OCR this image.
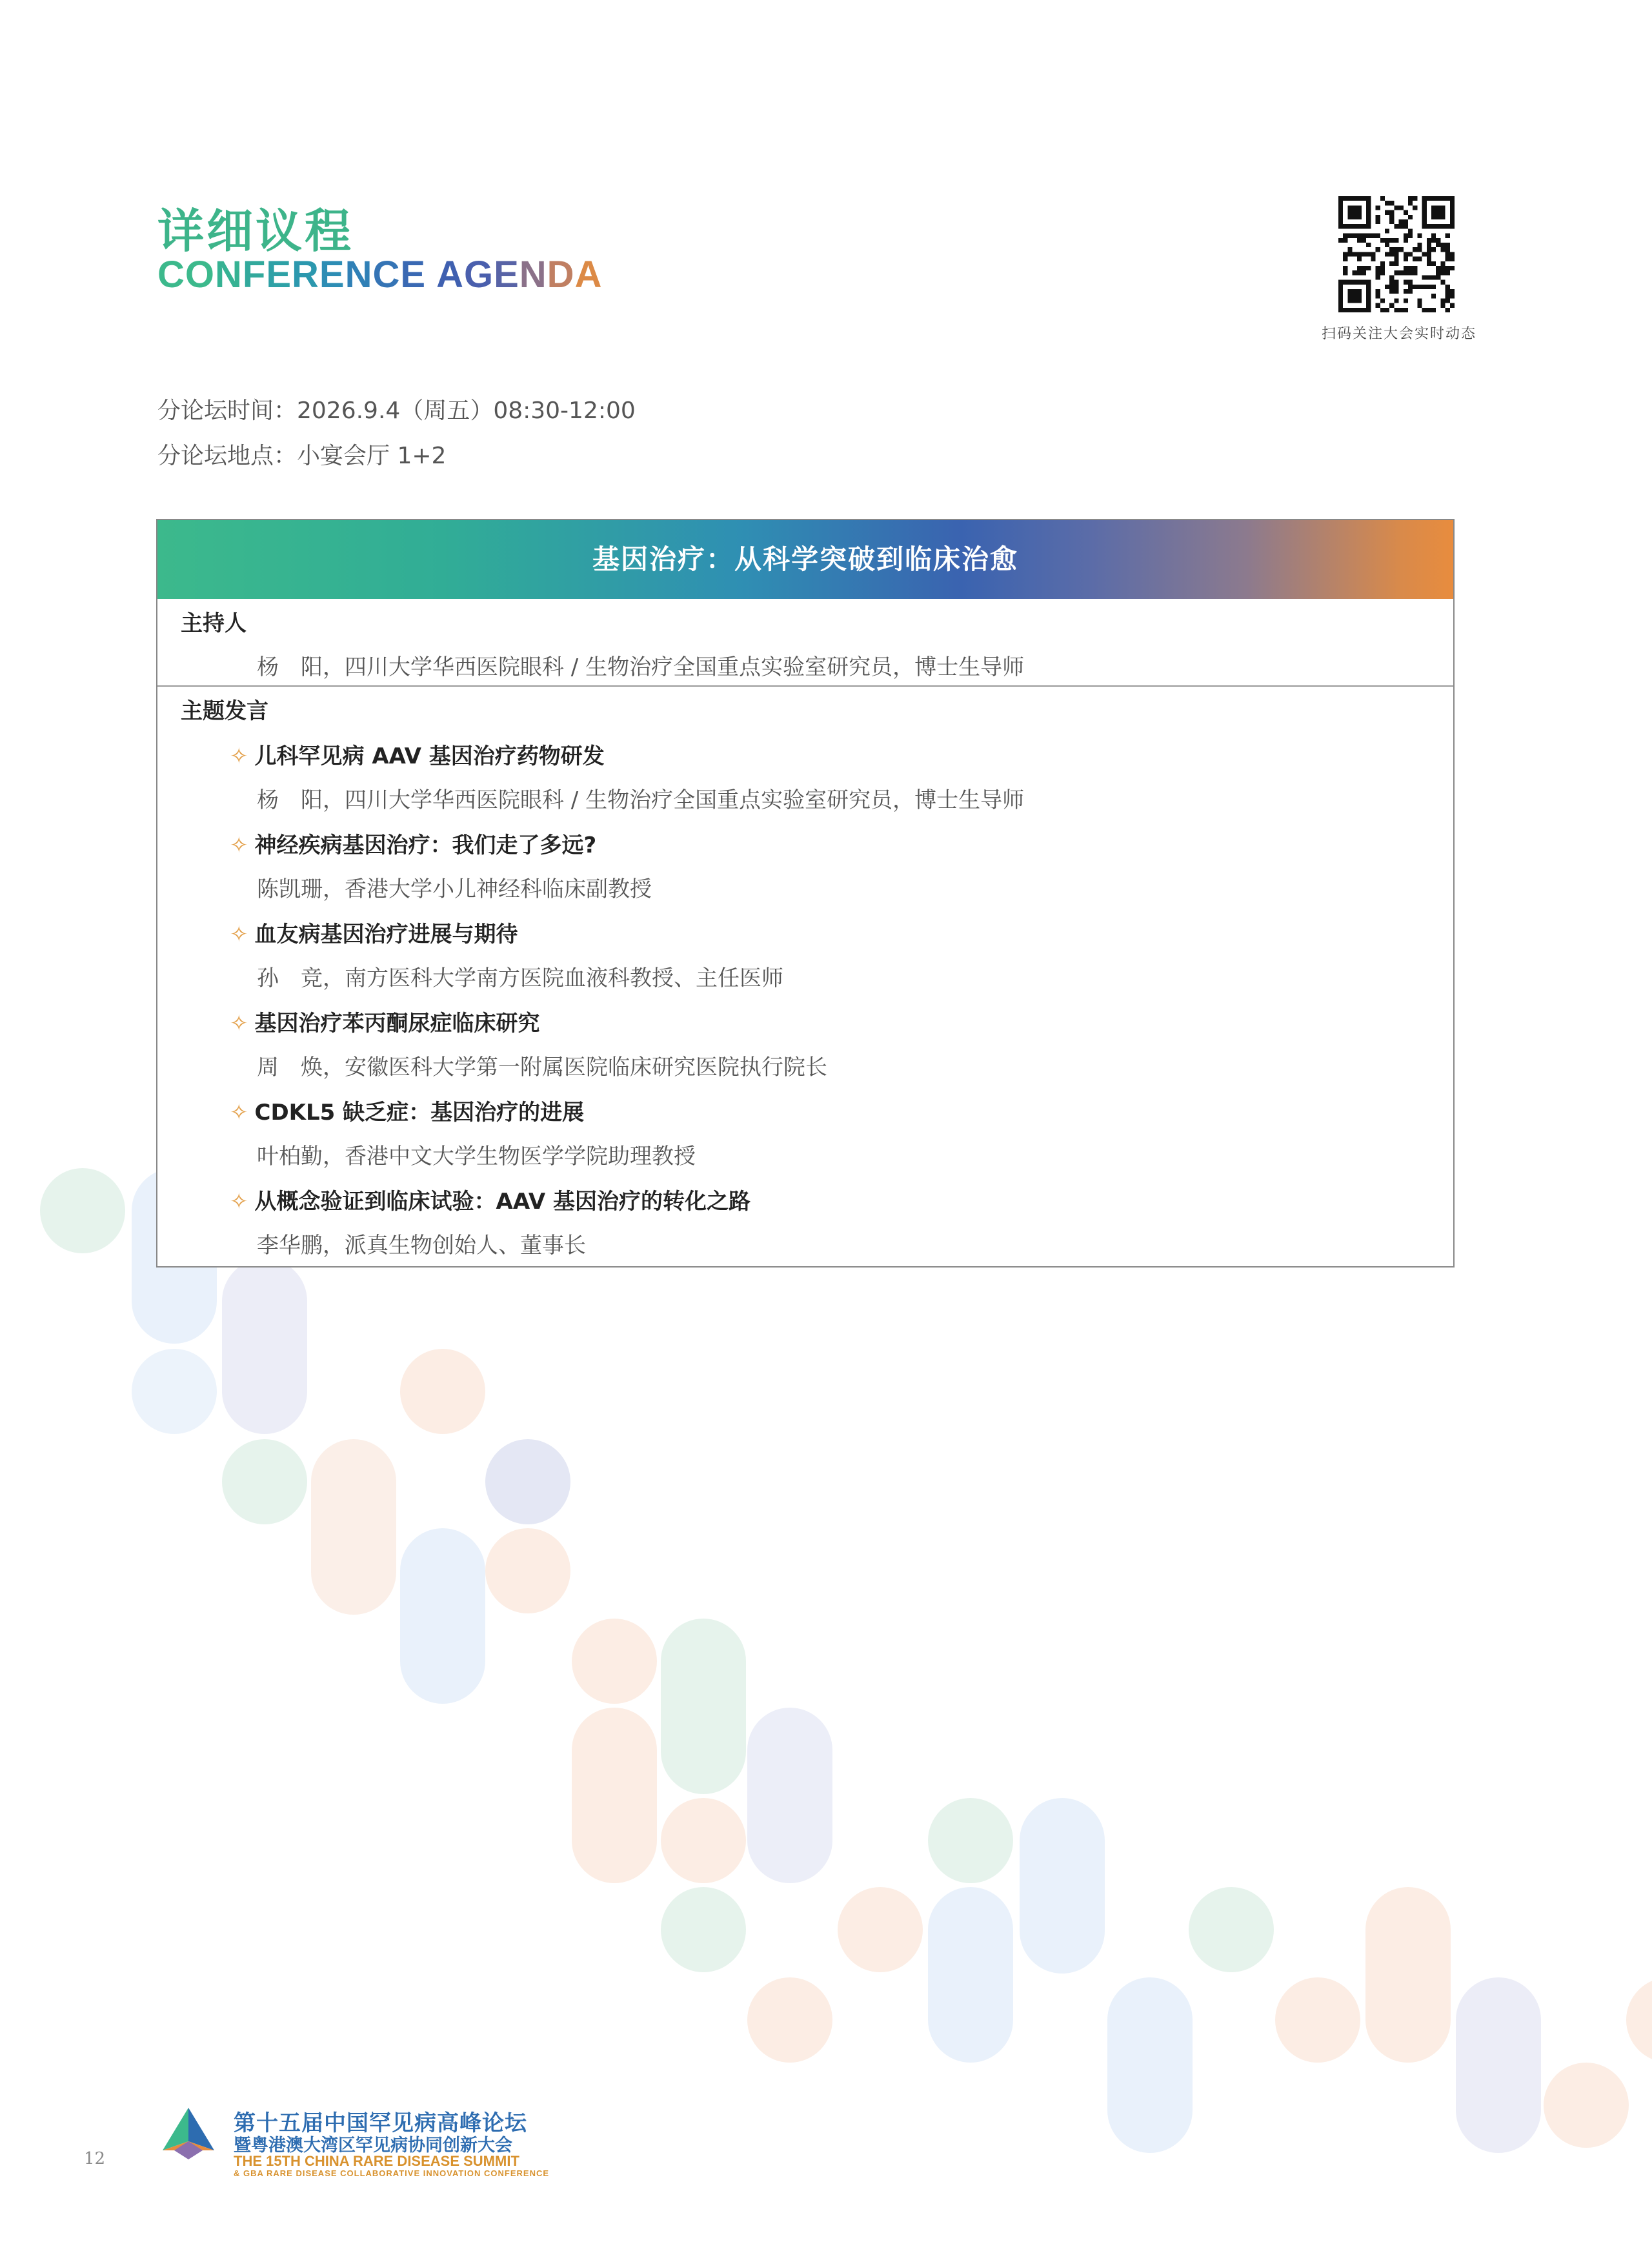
详细议程
CONFERENCE AGENDA
扫码关注大会实时动态
分论坛时间：2026.9.4（周五）08:30-12:00
分论坛地点：小宴会厅 1+2
基因治疗：从科学突破到临床治愈
主持人
杨　阳，四川大学华西医院眼科 / 生物治疗全国重点实验室研究员，博士生导师
主题发言
✧ 儿科罕见病 AAV 基因治疗药物研发
杨　阳，四川大学华西医院眼科 / 生物治疗全国重点实验室研究员，博士生导师
✧ 神经疾病基因治疗：我们走了多远?
陈凯珊，香港大学小儿神经科临床副教授
✧ 血友病基因治疗进展与期待
孙　竞，南方医科大学南方医院血液科教授、主任医师
✧ 基因治疗苯丙酮尿症临床研究
周　焕，安徽医科大学第一附属医院临床研究医院执行院长
✧ CDKL5 缺乏症：基因治疗的进展
叶柏勤，香港中文大学生物医学学院助理教授
✧ 从概念验证到临床试验：AAV 基因治疗的转化之路
李华鹏，派真生物创始人、董事长
12
第十五届中国罕见病高峰论坛
暨粤港澳大湾区罕见病协同创新大会
THE 15TH CHINA RARE DISEASE SUMMIT
& GBA RARE DISEASE COLLABORATIVE INNOVATION CONFERENCE
